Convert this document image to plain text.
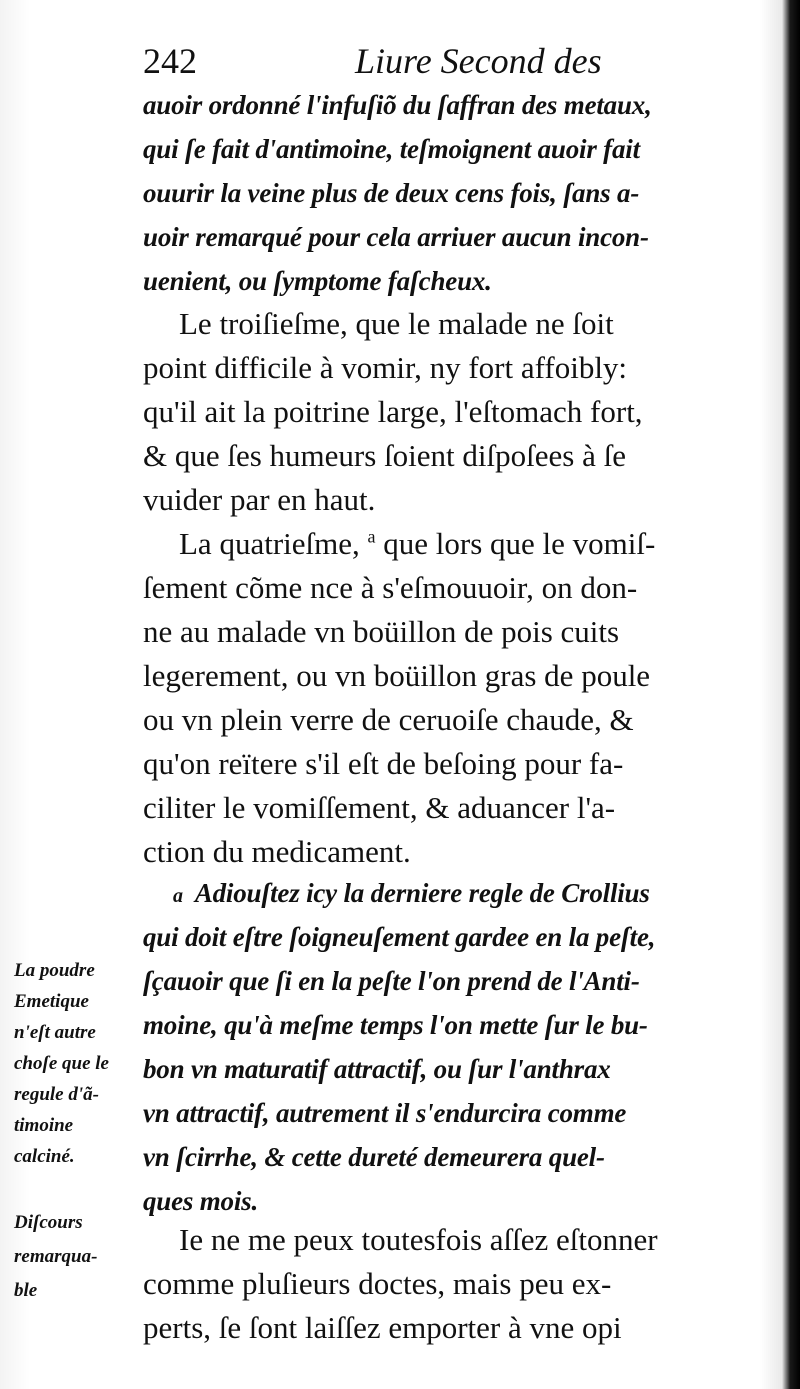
242	Liure Second des
auoir ordonné l'infuſiõ du ſaffran des metaux,
qui ſe fait d'antimoine, teſmoignent auoir fait
ouurir la veine plus de deux cens fois, ſans a-
uoir remarqué pour cela arriuer aucun incon-
uenient, ou ſymptome faſcheux.
Le troiſieſme, que le malade ne ſoit
point difficile à vomir, ny fort affoibly:
qu'il ait la poitrine large, l'eſtomach fort,
& que ſes humeurs ſoient diſpoſees à ſe
vuider par en haut.
La quatrieſme, $^a$ que lors que le vomiſ-
ſement cõme nce à s'eſmouuoir, on don-
ne au malade vn boüillon de pois cuits
legerement, ou vn boüillon gras de poule
ou vn plein verre de ceruoiſe chaude, &
qu'on reïtere s'il eſt de beſoing pour fa-
ciliter le vomiſſement, & aduancer l'a-
ction du medicament.
a Adiouſtez icy la derniere regle de Crollius
qui doit eſtre ſoigneuſement gardee en la peſte,
ſçauoir que ſi en la peſte l'on prend de l'Anti-
moine, qu'à meſme temps l'on mette ſur le bu-
bon vn maturatif attractif, ou ſur l'anthrax
vn attractif, autrement il s'endurcira comme
vn ſcirrhe, & cette dureté demeurera quel-
ques mois.
Ie ne me peux toutesfois aſſez eſtonner
comme pluſieurs doctes, mais peu ex-
perts, ſe ſont laiſſez emporter à vne opi
La poudre
Emetique
n'eſt autre
choſe que le
regule d'ã-
timoine
calciné.
Diſcours
remarqua-
ble
